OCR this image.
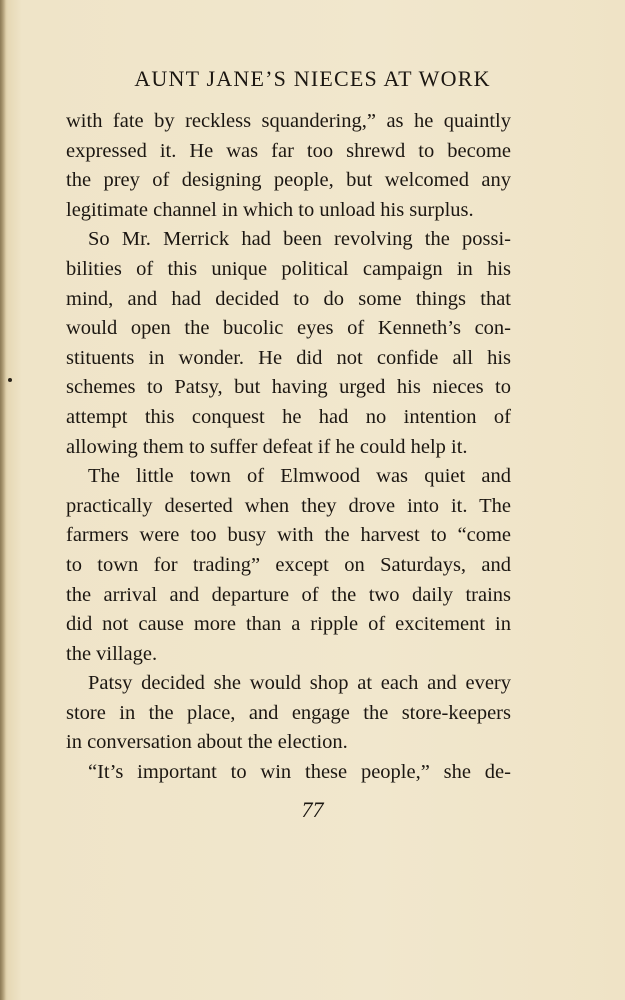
AUNT JANE’S NIECES AT WORK
with fate by reckless squandering,” as he quaintly
expressed it. He was far too shrewd to become
the prey of designing people, but welcomed any
legitimate channel in which to unload his surplus.
So Mr. Merrick had been revolving the possi-
bilities of this unique political campaign in his
mind, and had decided to do some things that
would open the bucolic eyes of Kenneth’s con-
stituents in wonder. He did not confide all his
schemes to Patsy, but having urged his nieces to
attempt this conquest he had no intention of
allowing them to suffer defeat if he could help it.
The little town of Elmwood was quiet and
practically deserted when they drove into it. The
farmers were too busy with the harvest to “come
to town for trading” except on Saturdays, and
the arrival and departure of the two daily trains
did not cause more than a ripple of excitement in
the village.
Patsy decided she would shop at each and every
store in the place, and engage the store-keepers
in conversation about the election.
“It’s important to win these people,” she de-
77
